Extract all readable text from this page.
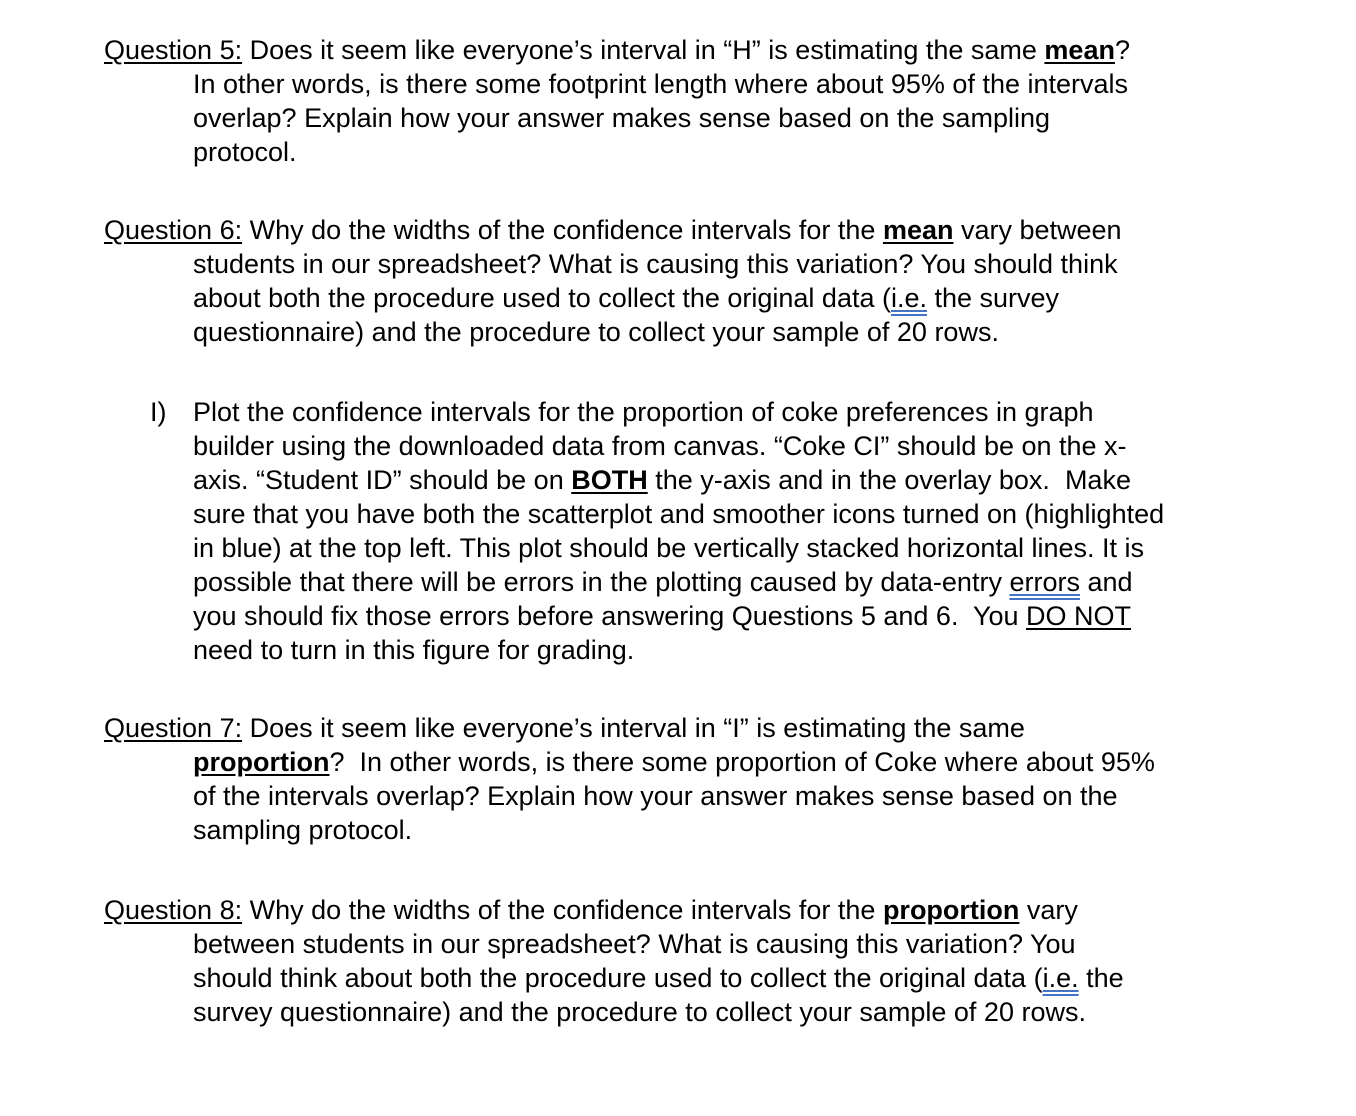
Question 5: Does it seem like everyone’s interval in “H” is estimating the same mean?
In other words, is there some footprint length where about 95% of the intervals
overlap? Explain how your answer makes sense based on the sampling
protocol.
Question 6: Why do the widths of the confidence intervals for the mean vary between
students in our spreadsheet? What is causing this variation? You should think
about both the procedure used to collect the original data (i.e. the survey
questionnaire) and the procedure to collect your sample of 20 rows.
I) Plot the confidence intervals for the proportion of coke preferences in graph
builder using the downloaded data from canvas. “Coke CI” should be on the x-
axis. “Student ID” should be on BOTH the y-axis and in the overlay box.  Make
sure that you have both the scatterplot and smoother icons turned on (highlighted
in blue) at the top left. This plot should be vertically stacked horizontal lines. It is
possible that there will be errors in the plotting caused by data-entry errors and
you should fix those errors before answering Questions 5 and 6.  You DO NOT
need to turn in this figure for grading.
Question 7: Does it seem like everyone’s interval in “I” is estimating the same
proportion?  In other words, is there some proportion of Coke where about 95%
of the intervals overlap? Explain how your answer makes sense based on the
sampling protocol.
Question 8: Why do the widths of the confidence intervals for the proportion vary
between students in our spreadsheet? What is causing this variation? You
should think about both the procedure used to collect the original data (i.e. the
survey questionnaire) and the procedure to collect your sample of 20 rows.
